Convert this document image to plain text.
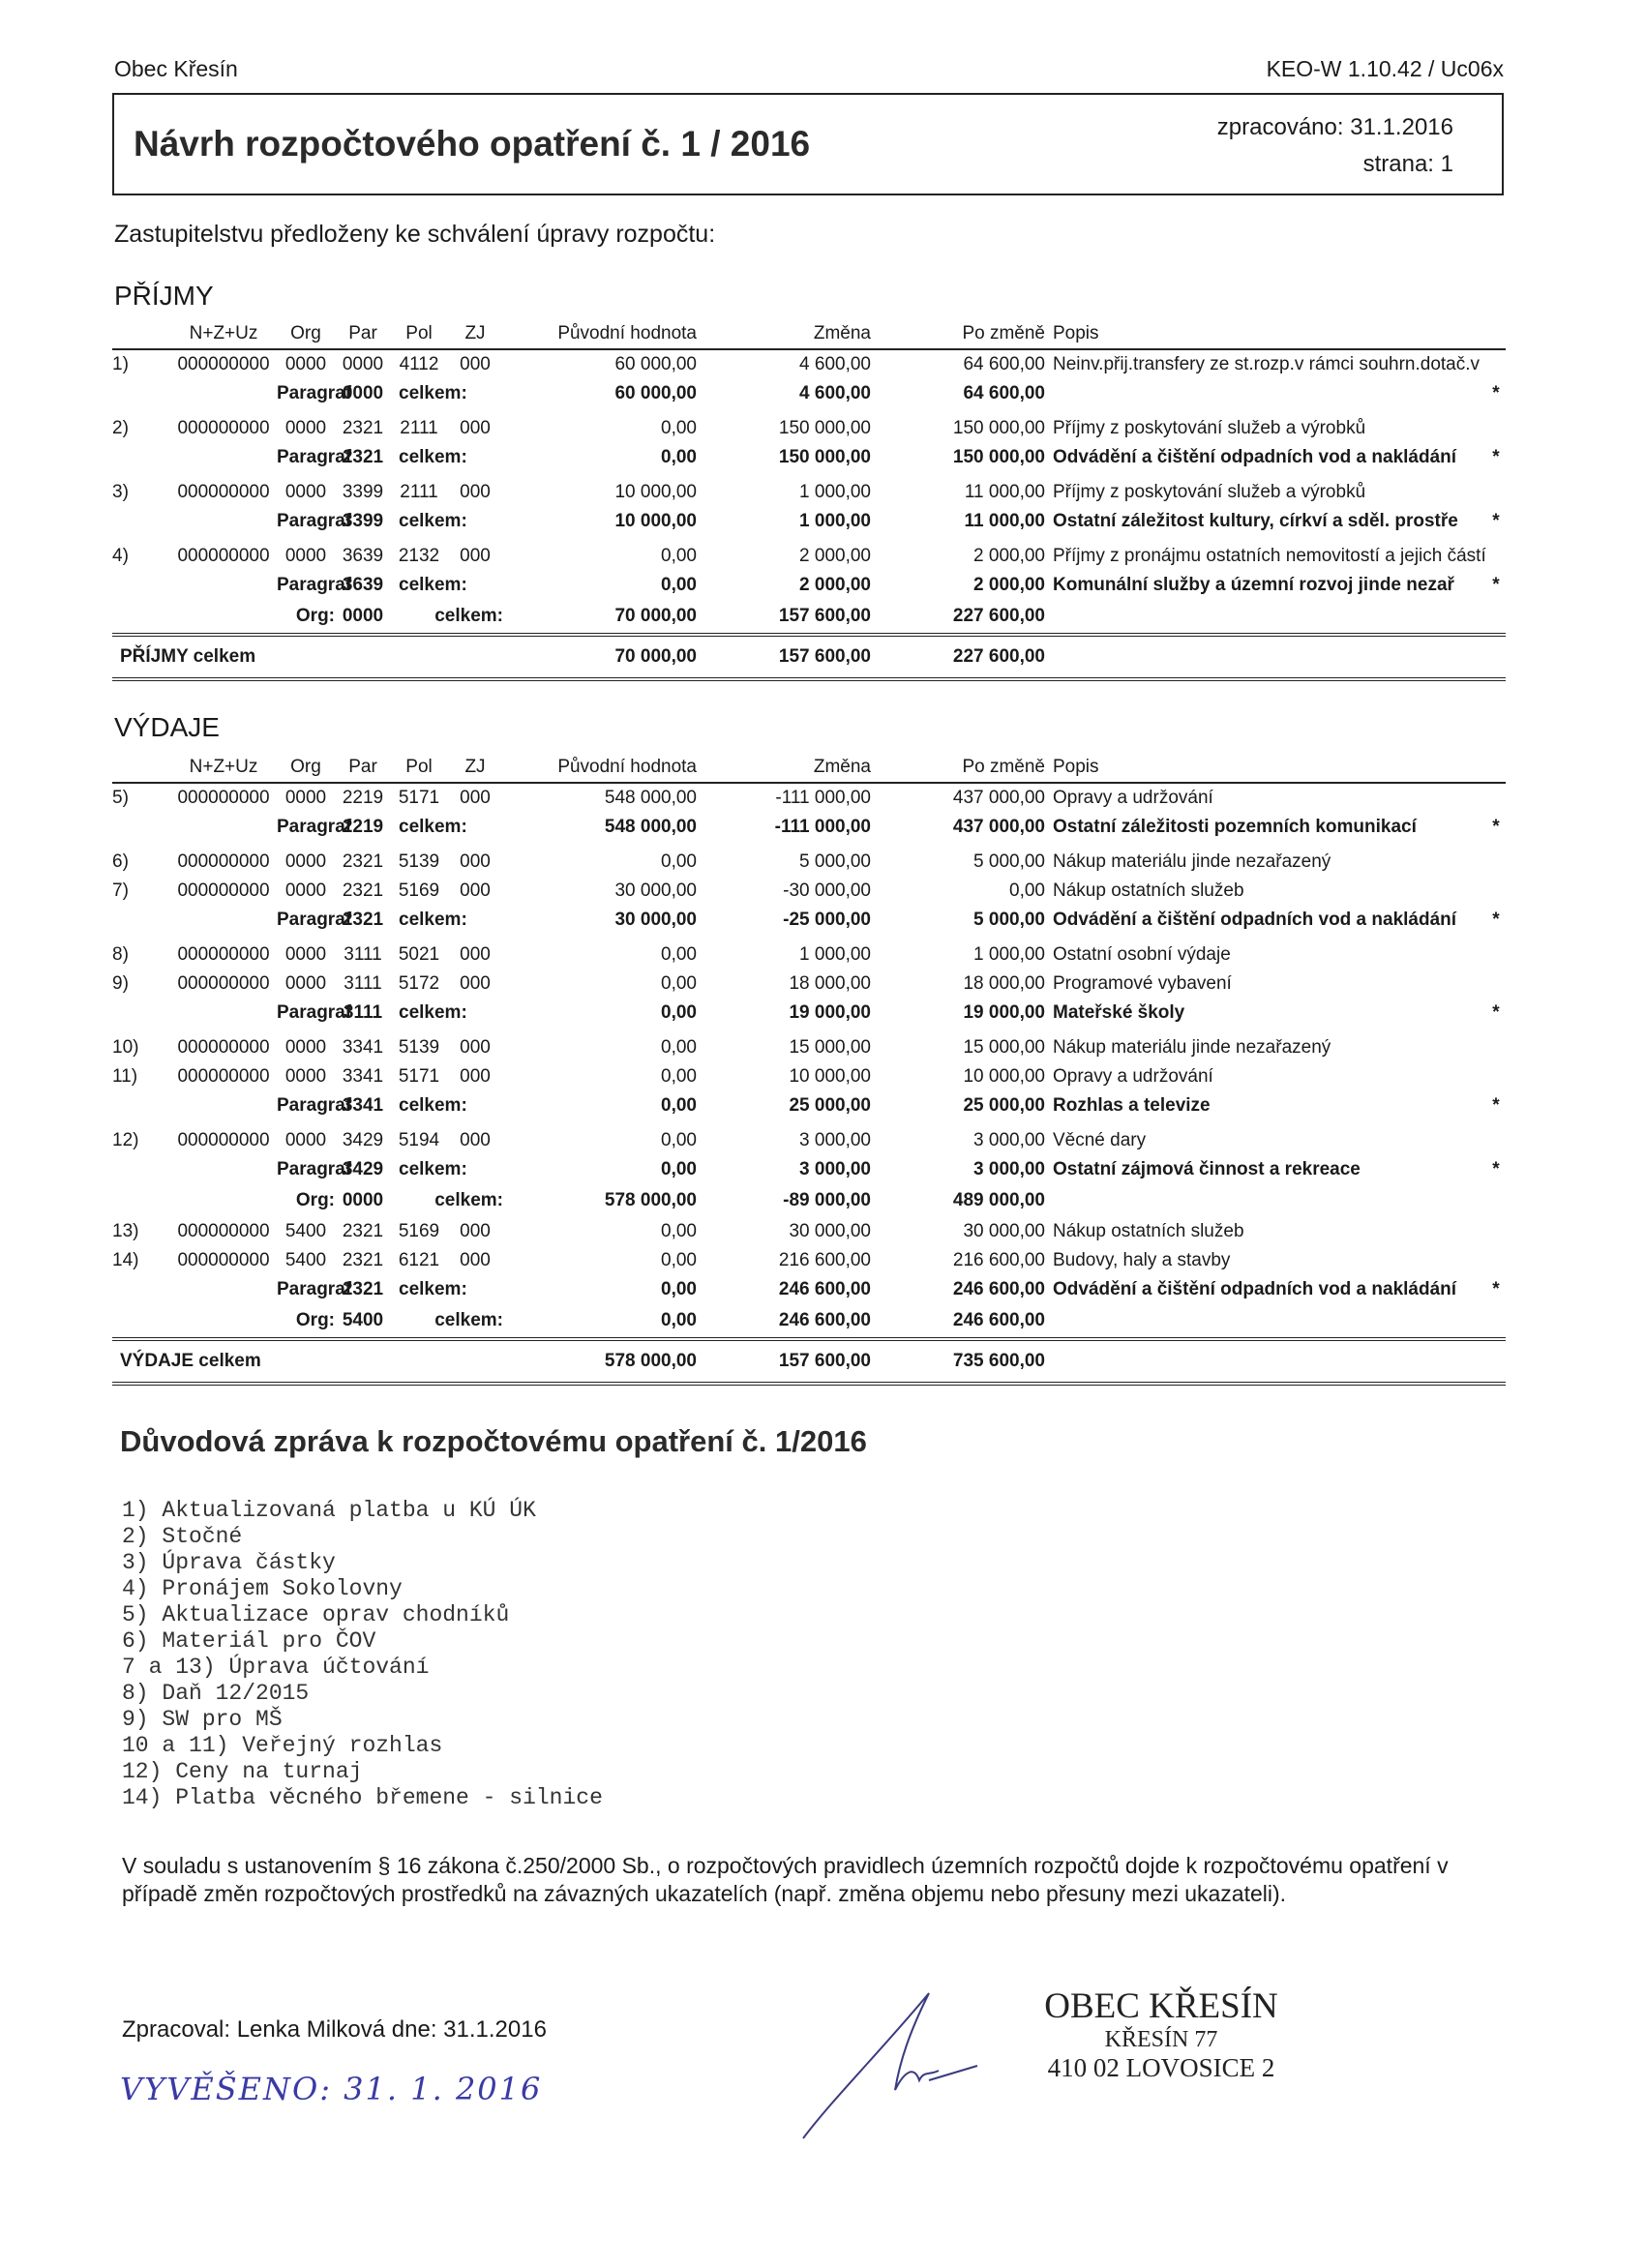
Obec Křesín	KEO-W 1.10.42 / Uc06x
Návrh rozpočtového opatření č. 1 / 2016	zpracováno: 31.1.2016
strana: 1
Zastupitelstvu předloženy ke schválení úpravy rozpočtu:
PŘÍJMY
	N+Z+Uz	Org	Par	Pol	ZJ	Původní hodnota	Změna	Po změně	Popis	
1)	000000000	0000	0000	4112	000	60 000,00	4 600,00	64 600,00	Neinv.přij.transfery ze st.rozp.v rámci souhrn.dotač.v	
		Paragraf	0000	celkem:		60 000,00	4 600,00	64 600,00		*

2)	000000000	0000	2321	2111	000	0,00	150 000,00	150 000,00	Příjmy z poskytování služeb a výrobků	
		Paragraf	2321	celkem:		0,00	150 000,00	150 000,00	Odvádění a čištění odpadních vod a nakládání	*

3)	000000000	0000	3399	2111	000	10 000,00	1 000,00	11 000,00	Příjmy z poskytování služeb a výrobků	
		Paragraf	3399	celkem:		10 000,00	1 000,00	11 000,00	Ostatní záležitost kultury, církví a sděl. prostře	*

4)	000000000	0000	3639	2132	000	0,00	2 000,00	2 000,00	Příjmy z pronájmu ostatních nemovitostí a jejich částí	
		Paragraf	3639	celkem:		0,00	2 000,00	2 000,00	Komunální služby a územní rozvoj jinde nezař	*
		Org:	0000	celkem:		70 000,00	157 600,00	227 600,00		
PŘÍJMY celkem						70 000,00	157 600,00	227 600,00		
VÝDAJE
	N+Z+Uz	Org	Par	Pol	ZJ	Původní hodnota	Změna	Po změně	Popis	
5)	000000000	0000	2219	5171	000	548 000,00	-111 000,00	437 000,00	Opravy a udržování	
		Paragraf	2219	celkem:		548 000,00	-111 000,00	437 000,00	Ostatní záležitosti pozemních komunikací	*

6)	000000000	0000	2321	5139	000	0,00	5 000,00	5 000,00	Nákup materiálu jinde nezařazený	
7)	000000000	0000	2321	5169	000	30 000,00	-30 000,00	0,00	Nákup ostatních služeb	
		Paragraf	2321	celkem:		30 000,00	-25 000,00	5 000,00	Odvádění a čištění odpadních vod a nakládání	*

8)	000000000	0000	3111	5021	000	0,00	1 000,00	1 000,00	Ostatní osobní výdaje	
9)	000000000	0000	3111	5172	000	0,00	18 000,00	18 000,00	Programové vybavení	
		Paragraf	3111	celkem:		0,00	19 000,00	19 000,00	Mateřské školy	*

10)	000000000	0000	3341	5139	000	0,00	15 000,00	15 000,00	Nákup materiálu jinde nezařazený	
11)	000000000	0000	3341	5171	000	0,00	10 000,00	10 000,00	Opravy a udržování	
		Paragraf	3341	celkem:		0,00	25 000,00	25 000,00	Rozhlas a televize	*

12)	000000000	0000	3429	5194	000	0,00	3 000,00	3 000,00	Věcné dary	
		Paragraf	3429	celkem:		0,00	3 000,00	3 000,00	Ostatní zájmová činnost a rekreace	*
		Org:	0000	celkem:		578 000,00	-89 000,00	489 000,00		
13)	000000000	5400	2321	5169	000	0,00	30 000,00	30 000,00	Nákup ostatních služeb	
14)	000000000	5400	2321	6121	000	0,00	216 600,00	216 600,00	Budovy, haly a stavby	
		Paragraf	2321	celkem:		0,00	246 600,00	246 600,00	Odvádění a čištění odpadních vod a nakládání	*
		Org:	5400	celkem:		0,00	246 600,00	246 600,00		
VÝDAJE celkem						578 000,00	157 600,00	735 600,00		
Důvodová zpráva k rozpočtovému opatření č. 1/2016
1) Aktualizovaná platba u KÚ ÚK
2) Stočné
3) Úprava částky
4) Pronájem Sokolovny
5) Aktualizace oprav chodníků
6) Materiál pro ČOV
7 a 13) Úprava účtování
8) Daň 12/2015
9) SW pro MŠ
10 a 11) Veřejný rozhlas
12) Ceny na turnaj
14) Platba věcného břemene - silnice
V souladu s ustanovením § 16 zákona č.250/2000 Sb., o rozpočtových pravidlech územních rozpočtů dojde k rozpočtovému opatření v případě změn rozpočtových prostředků na závazných ukazatelích (např. změna objemu nebo přesuny mezi ukazateli).
Zpracoval: Lenka Milková dne: 31.1.2016
VYVĚŠENO: 31. 1. 2016
OBEC KŘESÍN
KŘESÍN 77
410 02 LOVOSICE 2
